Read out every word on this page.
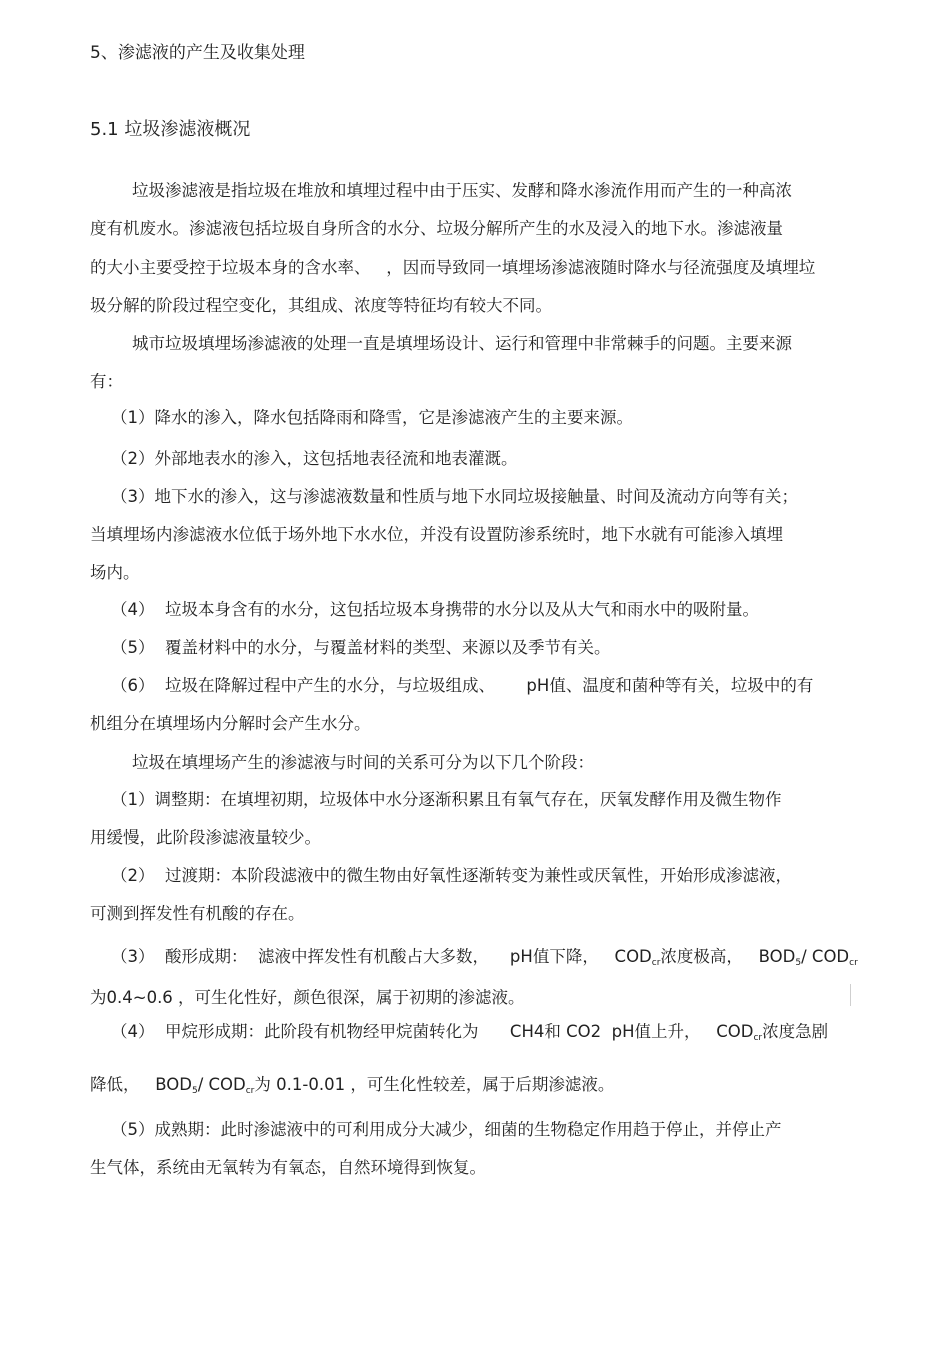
5、渗滤液的产生及收集处理
5.1 垃圾渗滤液概况
垃圾渗滤液是指垃圾在堆放和填埋过程中由于压实、发酵和降水渗流作用而产生的一种高浓
度有机废水。渗滤液包括垃圾自身所含的水分、垃圾分解所产生的水及浸入的地下水。渗滤液量
的大小主要受控于垃圾本身的含水率、   ，因而导致同一填埋场渗滤液随时降水与径流强度及填埋垃
圾分解的阶段过程空变化，其组成、浓度等特征均有较大不同。
城市垃圾填埋场渗滤液的处理一直是填埋场设计、运行和管理中非常棘手的问题。主要来源
有：
（1）降水的渗入，降水包括降雨和降雪，它是渗滤液产生的主要来源。
（2）外部地表水的渗入，这包括地表径流和地表灌溉。
（3）地下水的渗入，这与渗滤液数量和性质与地下水同垃圾接触量、时间及流动方向等有关；
当填埋场内渗滤液水位低于场外地下水水位，并没有设置防渗系统时，地下水就有可能渗入填埋
场内。
（4）  垃圾本身含有的水分，这包括垃圾本身携带的水分以及从大气和雨水中的吸附量。
（5）  覆盖材料中的水分，与覆盖材料的类型、来源以及季节有关。
（6）  垃圾在降解过程中产生的水分，与垃圾组成、      pH值、温度和菌种等有关，垃圾中的有
机组分在填埋场内分解时会产生水分。
垃圾在填埋场产生的渗滤液与时间的关系可分为以下几个阶段：
（1）调整期：在填埋初期，垃圾体中水分逐渐积累且有氧气存在，厌氧发酵作用及微生物作
用缓慢，此阶段渗滤液量较少。
（2）  过渡期：本阶段滤液中的微生物由好氧性逐渐转变为兼性或厌氧性，开始形成渗滤液，
可测到挥发性有机酸的存在。
（3）  酸形成期：  滤液中挥发性有机酸占大多数，    pH值下降，   $COD_{cr}$浓度极高，   $BOD_5/$ $COD_{cr}$
为0.4~0.6 ，可生化性好，颜色很深，属于初期的渗滤液。
（4）  甲烷形成期：此阶段有机物经甲烷菌转化为      CH4和 CO2  pH值上升，   $COD_{cr}$浓度急剧
降低，   $BOD_5/$ $COD_{cr}$为 0.1-0.01 ，可生化性较差，属于后期渗滤液。
（5）成熟期：此时渗滤液中的可利用成分大减少，细菌的生物稳定作用趋于停止，并停止产
生气体，系统由无氧转为有氧态，自然环境得到恢复。
